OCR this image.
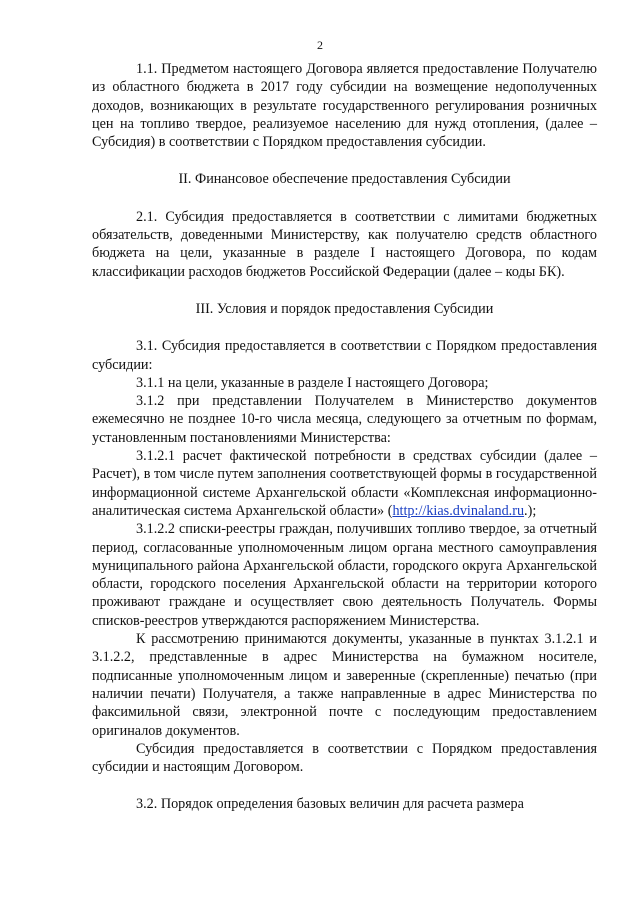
2

1.1. Предметом настоящего Договора является предоставление Получателю из областного бюджета в 2017 году субсидии на возмещение недополученных доходов, возникающих в результате государственного регулирования розничных цен на топливо твердое, реализуемое населению для нужд отопления, (далее – Субсидия) в соответствии с Порядком предоставления субсидии.

II. Финансовое обеспечение предоставления Субсидии

2.1. Субсидия предоставляется в соответствии с лимитами бюджетных обязательств, доведенными Министерству, как получателю средств областного бюджета на цели, указанные в разделе I настоящего Договора, по кодам классификации расходов бюджетов Российской Федерации (далее – коды БК).

III. Условия и порядок предоставления Субсидии

3.1. Субсидия предоставляется в соответствии с Порядком предоставления субсидии:

3.1.1 на цели, указанные в разделе I настоящего Договора;

3.1.2 при представлении Получателем в Министерство документов ежемесячно не позднее 10-го числа месяца, следующего за отчетным по формам, установленным постановлениями Министерства:

3.1.2.1 расчет фактической потребности в средствах субсидии (далее – Расчет), в том числе путем заполнения соответствующей формы в государственной информационной системе Архангельской области «Комплексная информационно-аналитическая система Архангельской области» (http://kias.dvinaland.ru.);

3.1.2.2 списки-реестры граждан, получивших топливо твердое, за отчетный период, согласованные уполномоченным лицом органа местного самоуправления муниципального района Архангельской области, городского округа Архангельской области, городского поселения Архангельской области на территории которого проживают граждане и осуществляет свою деятельность Получатель. Формы списков-реестров утверждаются распоряжением Министерства.

К рассмотрению принимаются документы, указанные в пунктах 3.1.2.1 и 3.1.2.2, представленные в адрес Министерства на бумажном носителе, подписанные уполномоченным лицом и заверенные (скрепленные) печатью (при наличии печати) Получателя, а также направленные в адрес Министерства по факсимильной связи, электронной почте с последующим предоставлением оригиналов документов.

Субсидия предоставляется в соответствии с Порядком предоставления субсидии и настоящим Договором.

3.2. Порядок определения базовых величин для расчета размера
